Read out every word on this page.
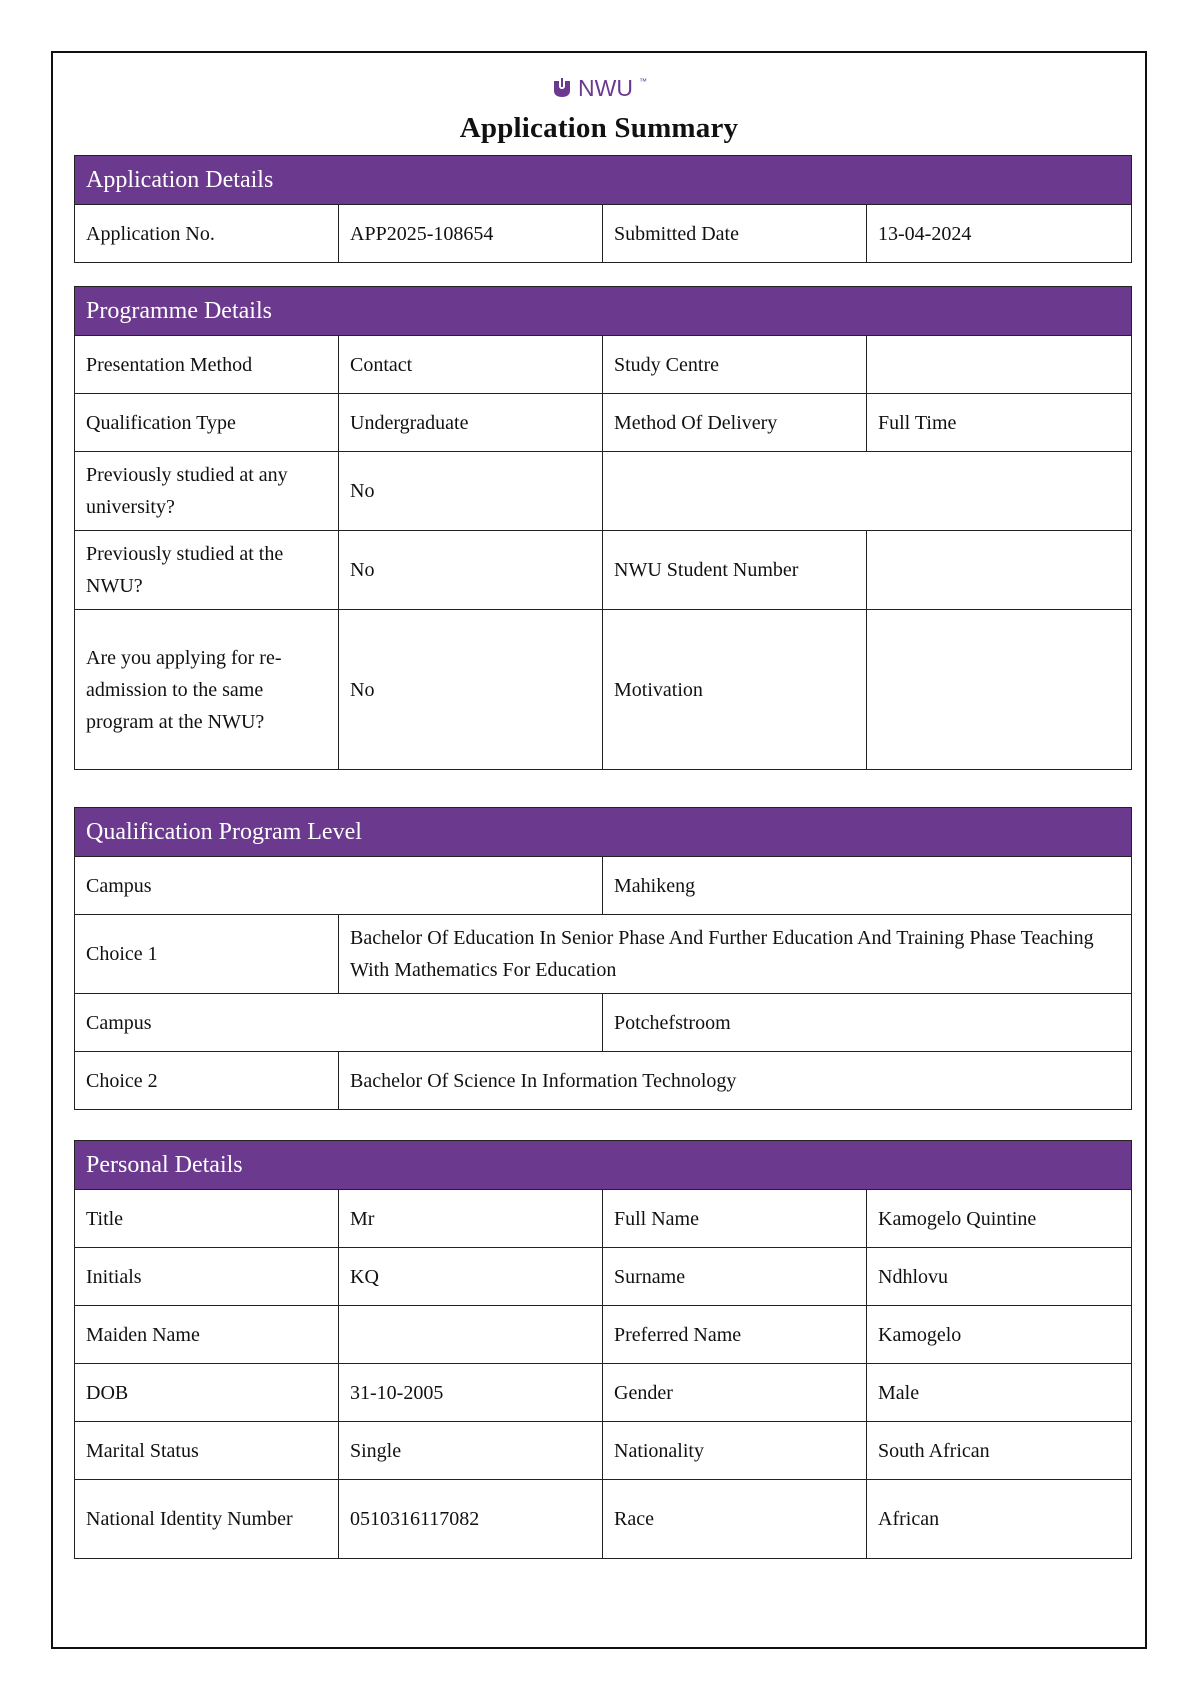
NWU ™
Application Summary
Application Details
Application No.	APP2025-108654	Submitted Date	13-04-2024
Programme Details			
Presentation Method	Contact	Study Centre	
Qualification Type	Undergraduate	Method Of Delivery	Full Time
Previously studied at any university?	No		
Previously studied at the NWU?	No	NWU Student Number	
Are you applying for re-admission to the same program at the NWU?	No	Motivation	
Qualification Program Level		
Campus		Mahikeng
Choice 1	Bachelor Of Education In Senior Phase And Further Education And Training Phase Teaching With Mathematics For Education	
Campus		Potchefstroom
Choice 2	Bachelor Of Science In Information Technology	
Personal Details			
Title	Mr	Full Name	Kamogelo Quintine
Initials	KQ	Surname	Ndhlovu
Maiden Name		Preferred Name	Kamogelo
DOB	31-10-2005	Gender	Male
Marital Status	Single	Nationality	South African
National Identity Number	0510316117082	Race	African
